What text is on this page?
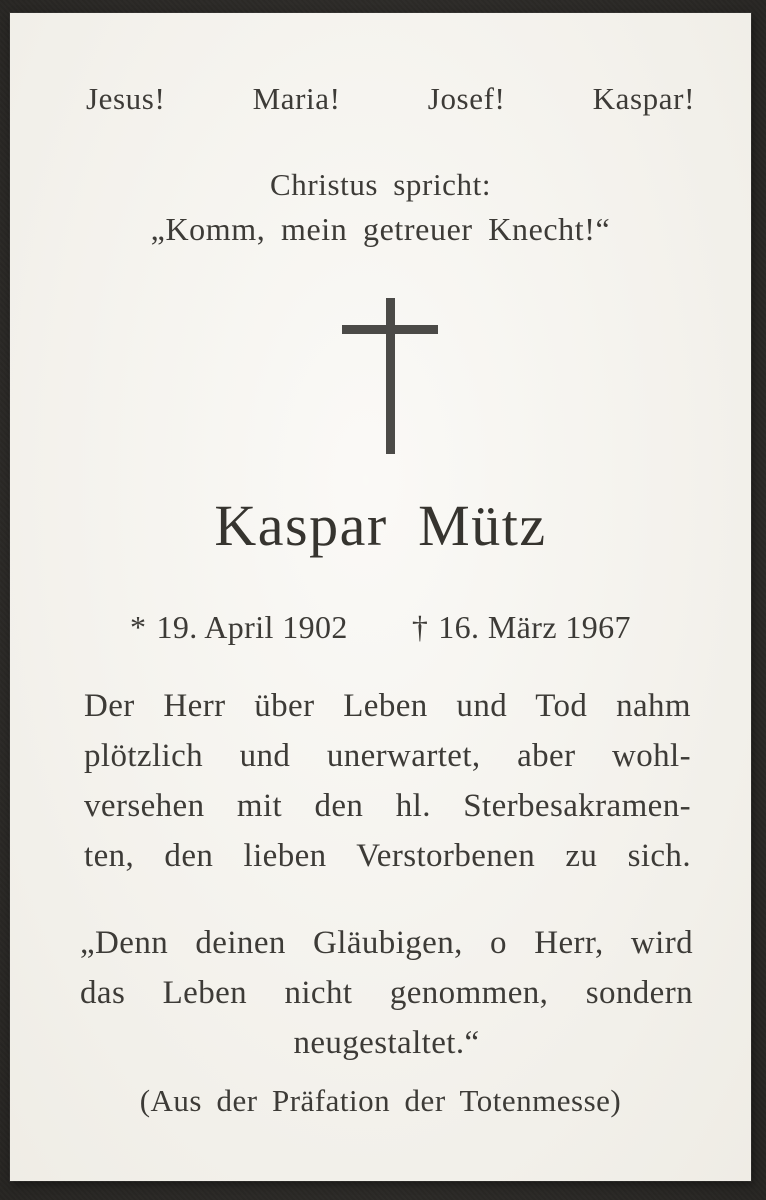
Jesus!	Maria!	Josef!	Kaspar!
Christus spricht:
„Komm, mein getreuer Knecht!“
Kaspar Mütz
* 19. April 1902 † 16. März 1967
Der Herr über Leben und Tod nahm
plötzlich und unerwartet, aber wohl-
versehen mit den hl. Sterbesakramen-
ten, den lieben Verstorbenen zu sich.
„Denn deinen Gläubigen, o Herr, wird
das Leben nicht genommen, sondern
neugestaltet.“
(Aus der Präfation der Totenmesse)
